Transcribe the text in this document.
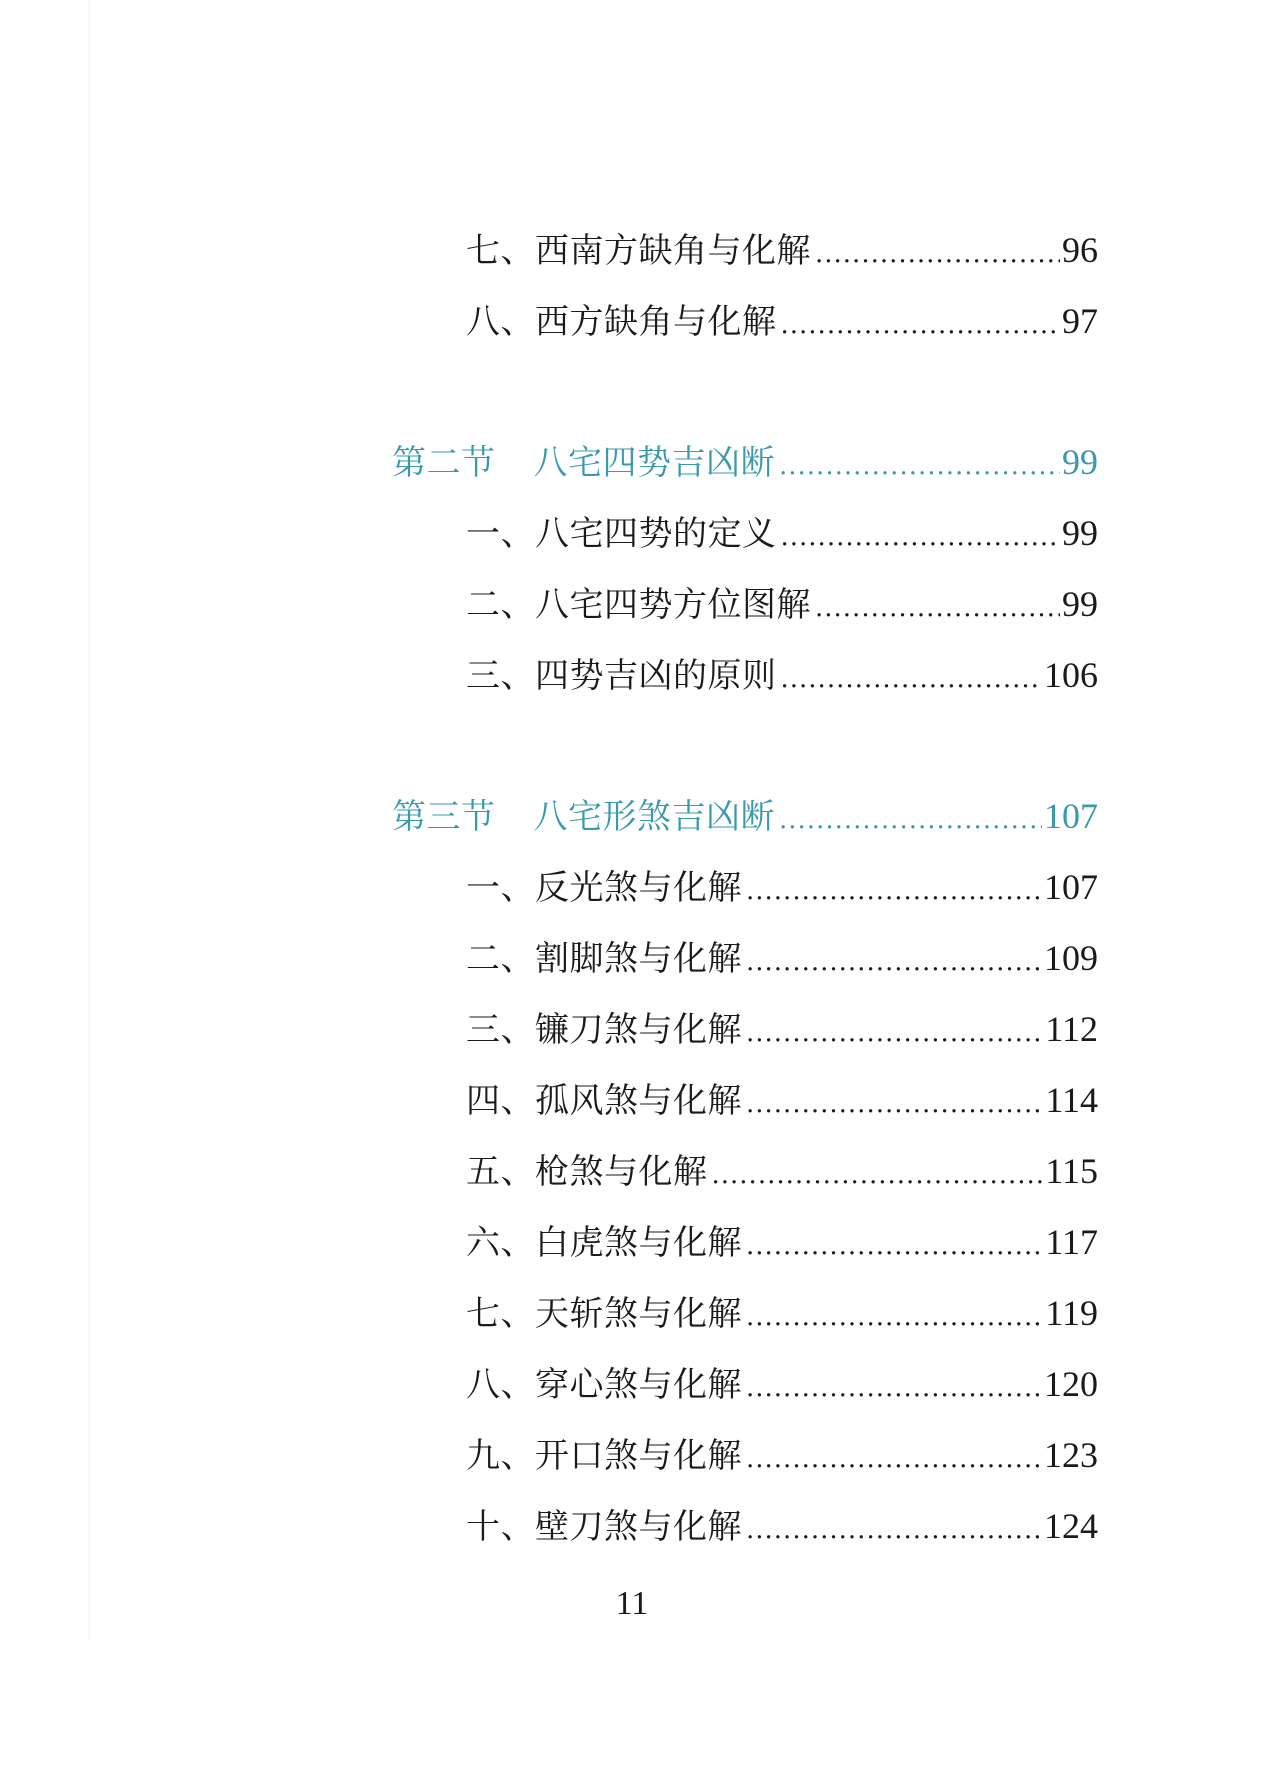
七、西南方缺角与化解 .....	96
八、西方缺角与化解 .....	97
第二节 八宅四势吉凶断 .....	99
一、八宅四势的定义 .....	99
二、八宅四势方位图解 .....	99
三、四势吉凶的原则 .....	106
第三节 八宅形煞吉凶断 .....	107
一、反光煞与化解 .....	107
二、割脚煞与化解 .....	109
三、镰刀煞与化解 .....	112
四、孤风煞与化解 .....	114
五、枪煞与化解 .....	115
六、白虎煞与化解 .....	117
七、天斩煞与化解 .....	119
八、穿心煞与化解 .....	120
九、开口煞与化解 .....	123
十、壁刀煞与化解 .....	124
11
